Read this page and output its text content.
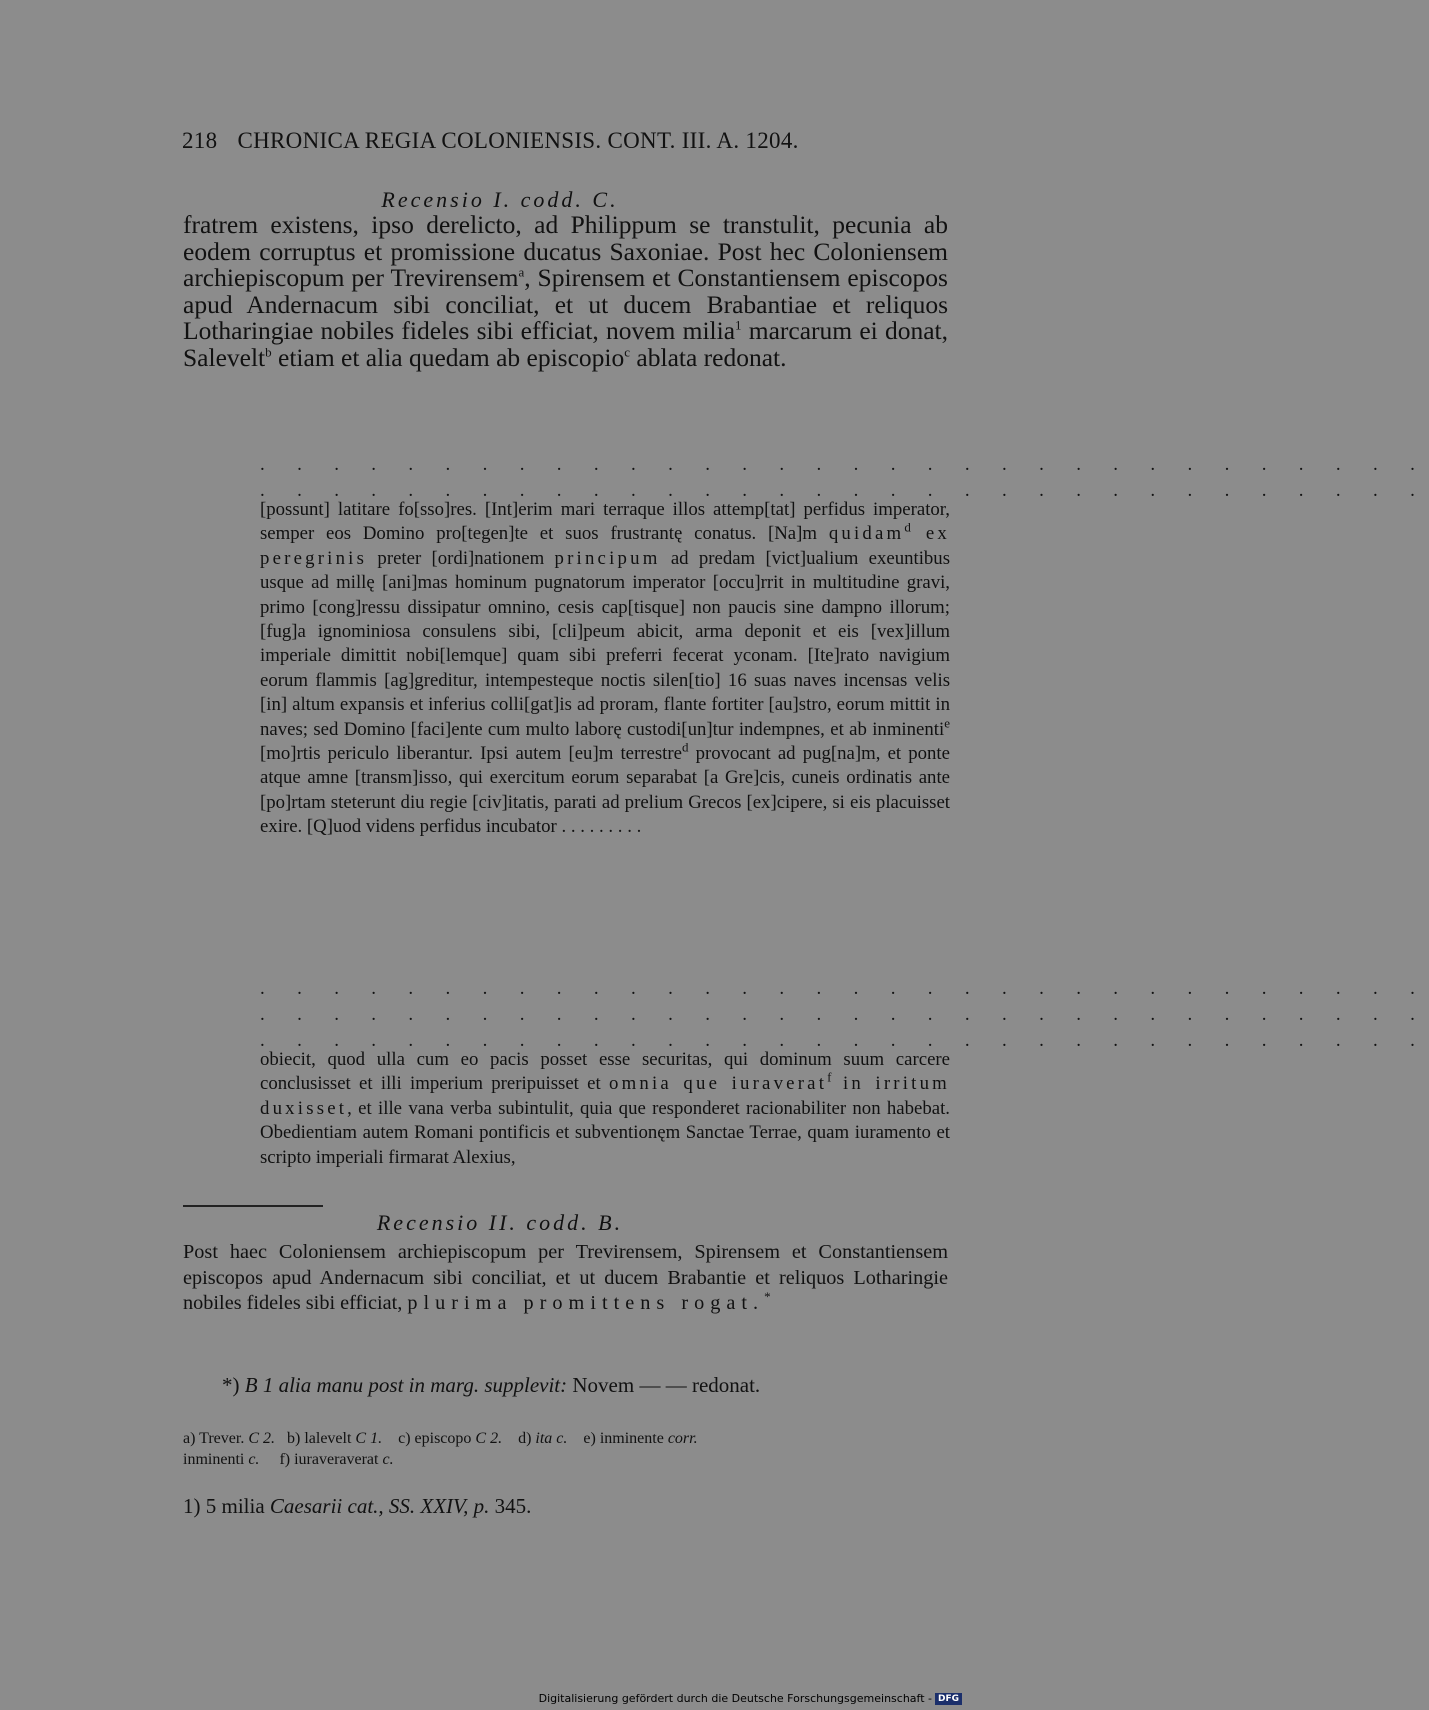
218 CHRONICA REGIA COLONIENSIS. CONT. III. A. 1204.
Recensio I. codd. C.

fratrem existens, ipso derelicto, ad Philippum se transtulit, pecunia ab eodem corruptus et promissione ducatus Saxoniae. Post hec Coloniensem archiepiscopum per Trevirensem$^a$, Spirensem et Constantiensem episcopos apud Andernacum sibi conciliat, et ut ducem Brabantiae et reliquos Lotharingiae nobiles fideles sibi efficiat, novem milia$^1$ marcarum ei donat, Salevelt$^b$ etiam et alia quedam ab episcopio$^c$ ablata redonat.

. . . . . . . . . . . . . . . . . . . . . . . . . . . . . . . .
. . . . . . . . . . . . . . . . . . . . . . . . . . . . . . . .

[possunt] latitare fo[sso]res. [Int]erim mari terraque illos attemp[tat] perfidus imperator, semper eos Domino pro[tegen]te et suos frustrantę conatus. [Na]m quidam$^d$ ex peregrinis preter [ordi]nationem principum ad predam [vict]ualium exeuntibus usque ad millę [ani]mas hominum pugnatorum imperator [occu]rrit in multitudine gravi, primo [cong]ressu dissipatur omnino, cesis cap[tisque] non paucis sine dampno illorum; [fug]a ignominiosa consulens sibi, [cli]peum abicit, arma deponit et eis [vex]illum imperiale dimittit nobi[lemque] quam sibi preferri fecerat yconam. [Ite]rato navigium eorum flammis [ag]greditur, intempesteque noctis silen[tio] 16 suas naves incensas velis [in] altum expansis et inferius colli[gat]is ad proram, flante fortiter [au]stro, eorum mittit in naves; sed Domino [faci]ente cum multo laborę custodi[un]tur indempnes, et ab inminenti$^e$ [mo]rtis periculo liberantur. Ipsi autem [eu]m terrestre$^d$ provocant ad pug[na]m, et ponte atque amne [transm]isso, qui exercitum eorum separabat [a Gre]cis, cuneis ordinatis ante [po]rtam steterunt diu regie [civ]itatis, parati ad prelium Grecos [ex]cipere, si eis placuisset exire. [Q]uod videns perfidus incubator . . . . . . . . .

. . . . . . . . . . . . . . . . . . . . . . . . . . . . . . . .
. . . . . . . . . . . . . . . . . . . . . . . . . . . . . . . .
. . . . . . . . . . . . . . . . . . . . . . . . . . . . . . . .

obiecit, quod ulla cum eo pacis posset esse securitas, qui dominum suum carcere conclusisset et illi imperium preripuisset et omnia que iuraverat$^f$ in irritum duxisset, et ille vana verba subintulit, quia que responderet racionabiliter non habebat. Obedientiam autem Romani pontificis et subventionęm Sanctae Terrae, quam iuramento et scripto imperiali firmarat Alexius,

Recensio II. codd. B.

Post haec Coloniensem archiepiscopum per Trevirensem, Spirensem et Constantiensem episcopos apud Andernacum sibi conciliat, et ut ducem Brabantie et reliquos Lotharingie nobiles fideles sibi efficiat, plurima promittens rogat.*

*) B 1 alia manu post in marg. supplevit: Novem — — redonat.

a) Trever. C 2. b) lalevelt C 1. c) episcopo C 2. d) ita c. e) inminente corr.

inminenti c. f) iuraveraverat c.

1) 5 milia Caesarii cat., SS. XXIV, p. 345.
Digitalisierung gefördert durch die Deutsche Forschungsgemeinschaft - DFG
